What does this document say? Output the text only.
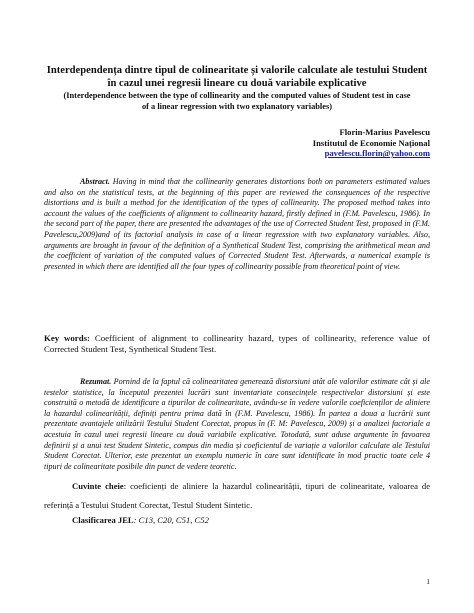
Interdependența dintre tipul de colinearitate și valorile calculate ale testului Student
în cazul unei regresii lineare cu două variabile explicative
(Interdependence between the type of collinearity and the computed values of Student test in case
of a linear regression with two explanatory variables)
Florin-Marius Pavelescu
Institutul de Economie Național
pavelescu.florin@yahoo.com
Abstract. Having in mind that the collinearity generates distortions both on parameters estimated values and also on the statistical tests, at the beginning of this paper are reviewed the consequences of the respective distortions and is built a method for the identification of the types of collinearity. The proposed method takes into account the values of the coefficients of alignment to collinearity hazard, firstly defined in (F.M. Pavelescu, 1986). In the second part of the paper, there are presented the advantages of the use of Corrected Student Test, proposed in (F.M. Pavelescu,2009)and of its factorial analysis in case of a linear regression with two explanatory variables. Also, arguments are brought in favour of the definition of a Synthetical Student Test, comprising the arithmetical mean and the coefficient of variation of the computed values of Corrected Student Test. Afterwards, a numerical example is presented in which there are identified all the four types of collinearity possible from theoretical point of view.
Key words: Coefficient of alignment to collinearity hazard, types of collinearity, reference value of Corrected Student Test, Synthetical Student Test.
Rezumat. Pornind de la faptul că colinearitatea generează distorsiuni atât ale valorilor estimate cât și ale testelor statistice, la începutul prezentei lucrări sunt inventariate consecințele respectivelor distorsiuni și este construită o metodă de identificare a tipurilor de colinearitate, avându-se în vedere valorile coeficienților de aliniere la hazardul colinearității, definiți pentru prima dată în (F.M. Pavelescu, 1986). În partea a doua a lucrării sunt prezentate avantajele utilizării Testului Student Corectat, propus în (F. M: Pavelescu, 2009) și a analizei factoriale a acestuia în cazul unei regresii lineare cu două variabile explicative. Totodată, sunt aduse argumente în favoarea definirii și a unui test Student Sintetic, compus din media și coeficientul de variație a valorilor calculate ale Testului Student Corectat. Ulterior, este prezentat un exemplu numeric în care sunt identificate în mod practic toate cele 4 tipuri de colinearitate posibile din punct de vedere teoretic.
Cuvinte cheie: coeficienți de aliniere la hazardul colinearității, tipuri de colinearitate, valoarea de referință a Testului Student Corectat, Testul Student Sintetic.
Clasificarea JEL: C13, C20, C51, C52
1
